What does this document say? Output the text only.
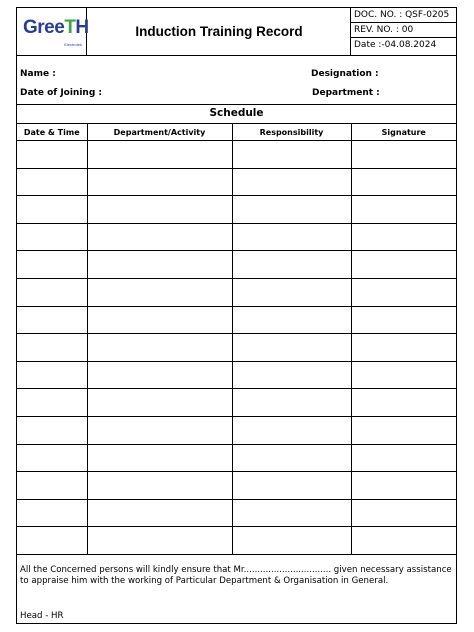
GreeTH
Electrotek
Induction Training Record
DOC. NO. : QSF-0205
REV. NO. : 00
Date :-04.08.2024
Name :	Designation :
Date of Joining :	Department :
Schedule
Date & Time	Department/Activity	Responsibility	Signature

All the Concerned persons will kindly ensure that Mr................................ given necessary assistance to appraise him with the working of Particular Department & Organisation in General.
Head - HR
